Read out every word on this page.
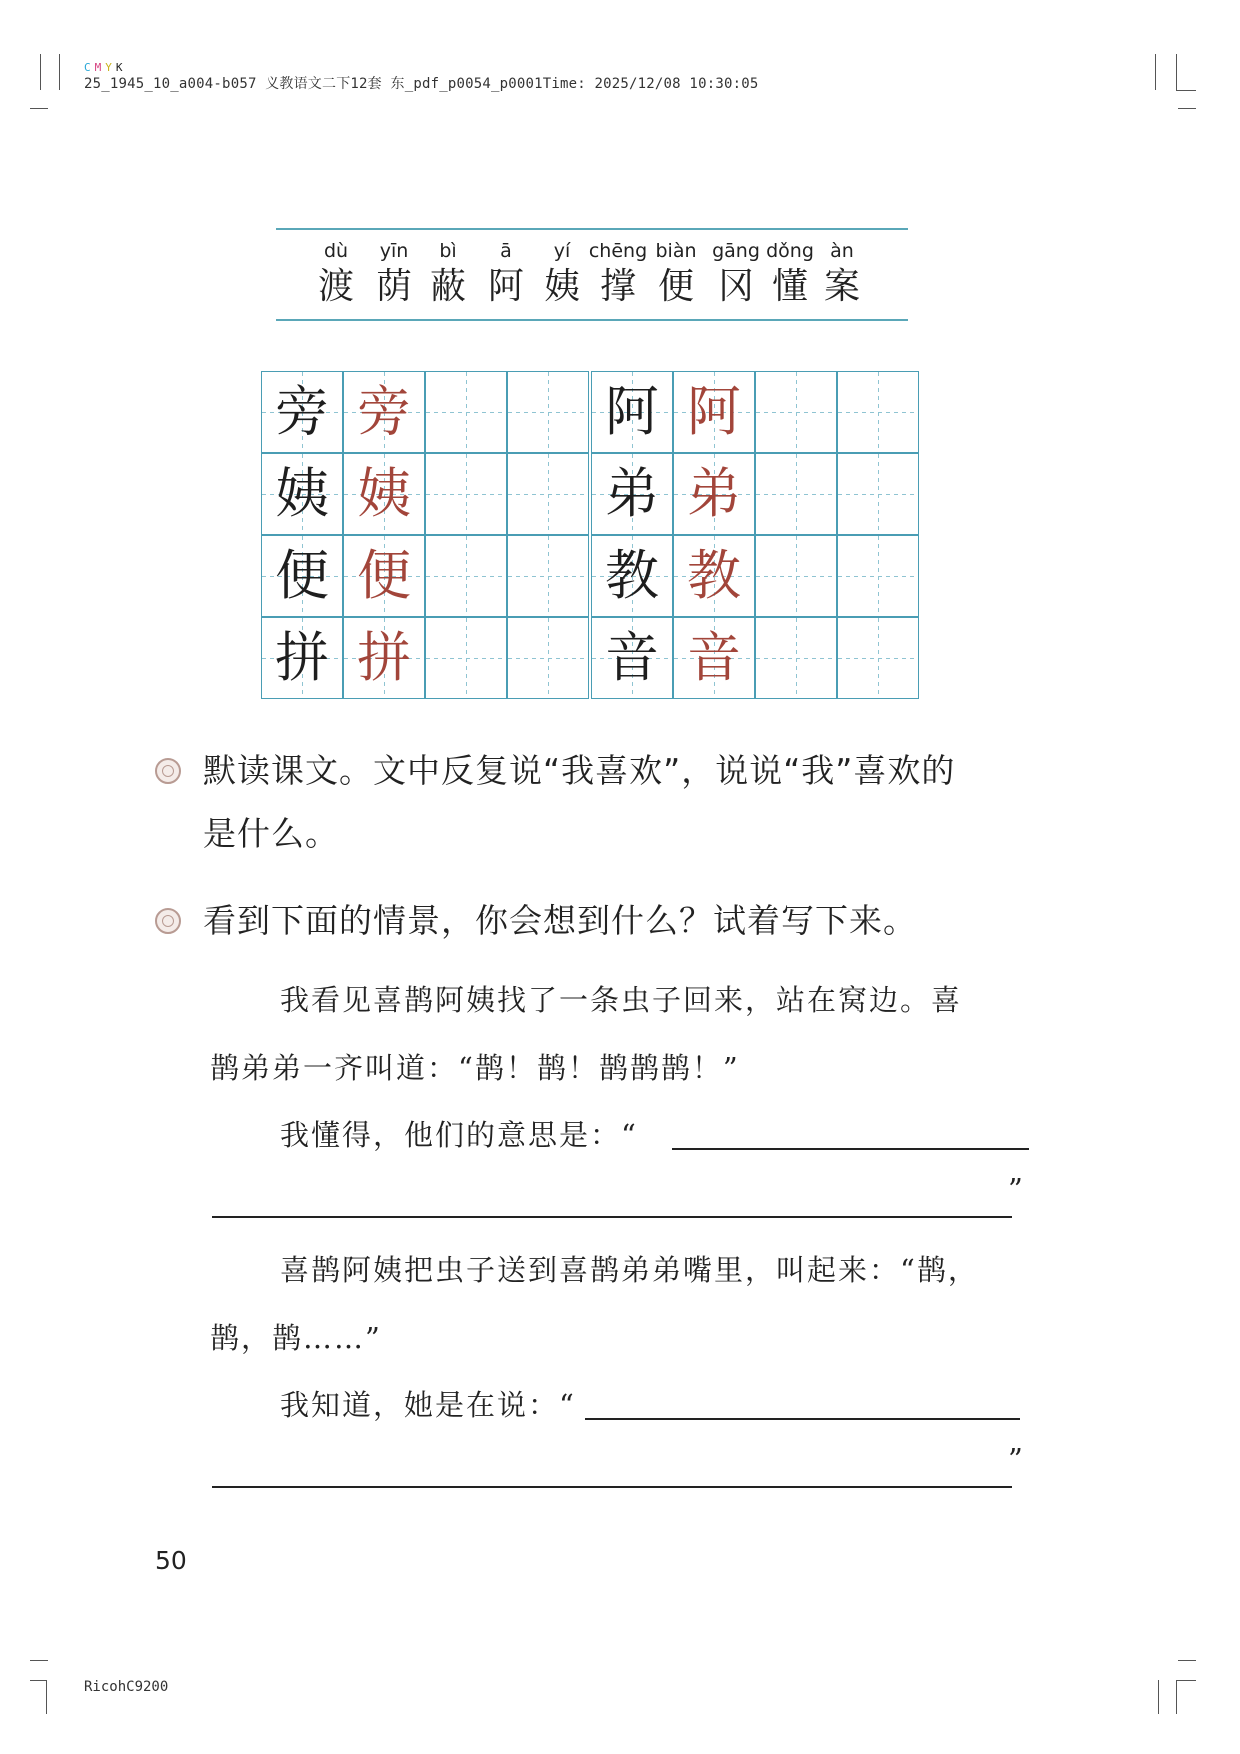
CMYK
25_1945_10_a004-b057 义教语文二下12套 东_pdf_p0054_p0001Time: 2025/12/08 10:30:05
dù
渡
yīn
荫
bì
蔽
ā
阿
yí
姨
chēng
撑
biàn
便
gāng
冈
dǒng
懂
àn
案
旁 旁
姨 姨
便 便
拼 拼
阿 阿
弟 弟
教 教
音 音
默读课文。文中反复说“我喜欢”，说说“我”喜欢的
是什么。
看到下面的情景，你会想到什么？试着写下来。
我看见喜鹊阿姨找了一条虫子回来，站在窝边。喜
鹊弟弟一齐叫道：“鹊！鹊！鹊鹊鹊！”
我懂得，他们的意思是：“
”
喜鹊阿姨把虫子送到喜鹊弟弟嘴里，叫起来：“鹊，
鹊，鹊……”
我知道，她是在说：“
”
50
RicohC9200
